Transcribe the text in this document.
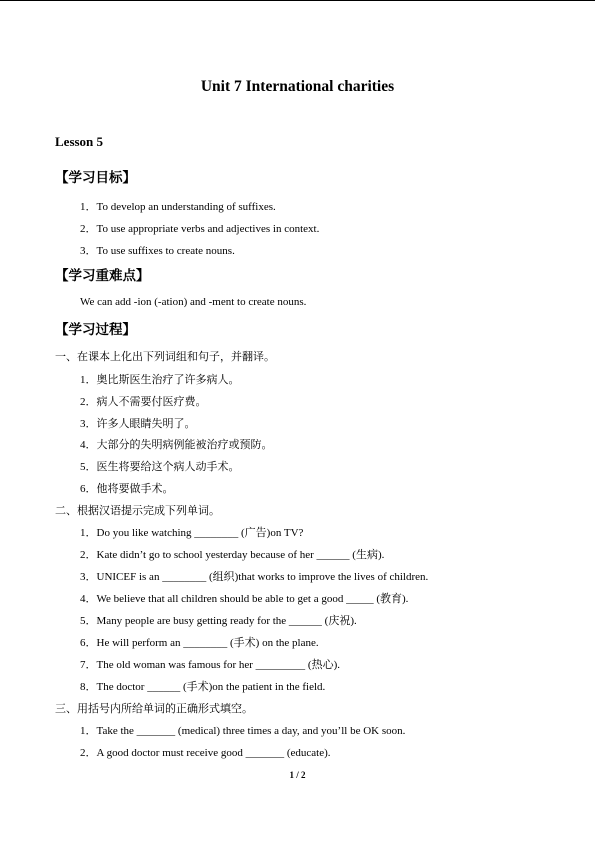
Unit 7 International charities
Lesson 5
【学习目标】
1．To develop an understanding of suffixes.
2．To use appropriate verbs and adjectives in context.
3．To use suffixes to create nouns.
【学习重难点】
We can add -ion (-ation) and -ment to create nouns.
【学习过程】
一、在课本上化出下列词组和句子，并翻译。
1．奥比斯医生治疗了许多病人。
2．病人不需要付医疗费。
3．许多人眼睛失明了。
4．大部分的失明病例能被治疗或预防。
5．医生将要给这个病人动手术。
6．他将要做手术。
二、根据汉语提示完成下列单词。
1．Do you like watching ________ (广告)on TV?
2．Kate didn’t go to school yesterday because of her ______ (生病).
3．UNICEF is an ________ (组织)that works to improve the lives of children.
4．We believe that all children should be able to get a good _____ (教育).
5．Many people are busy getting ready for the ______ (庆祝).
6．He will perform an ________ (手术) on the plane.
7．The old woman was famous for her _________ (热心).
8．The doctor ______ (手术)on the patient in the field.
三、用括号内所给单词的正确形式填空。
1．Take the _______ (medical) three times a day, and you’ll be OK soon.
2．A good doctor must receive good _______ (educate).
1 / 2
